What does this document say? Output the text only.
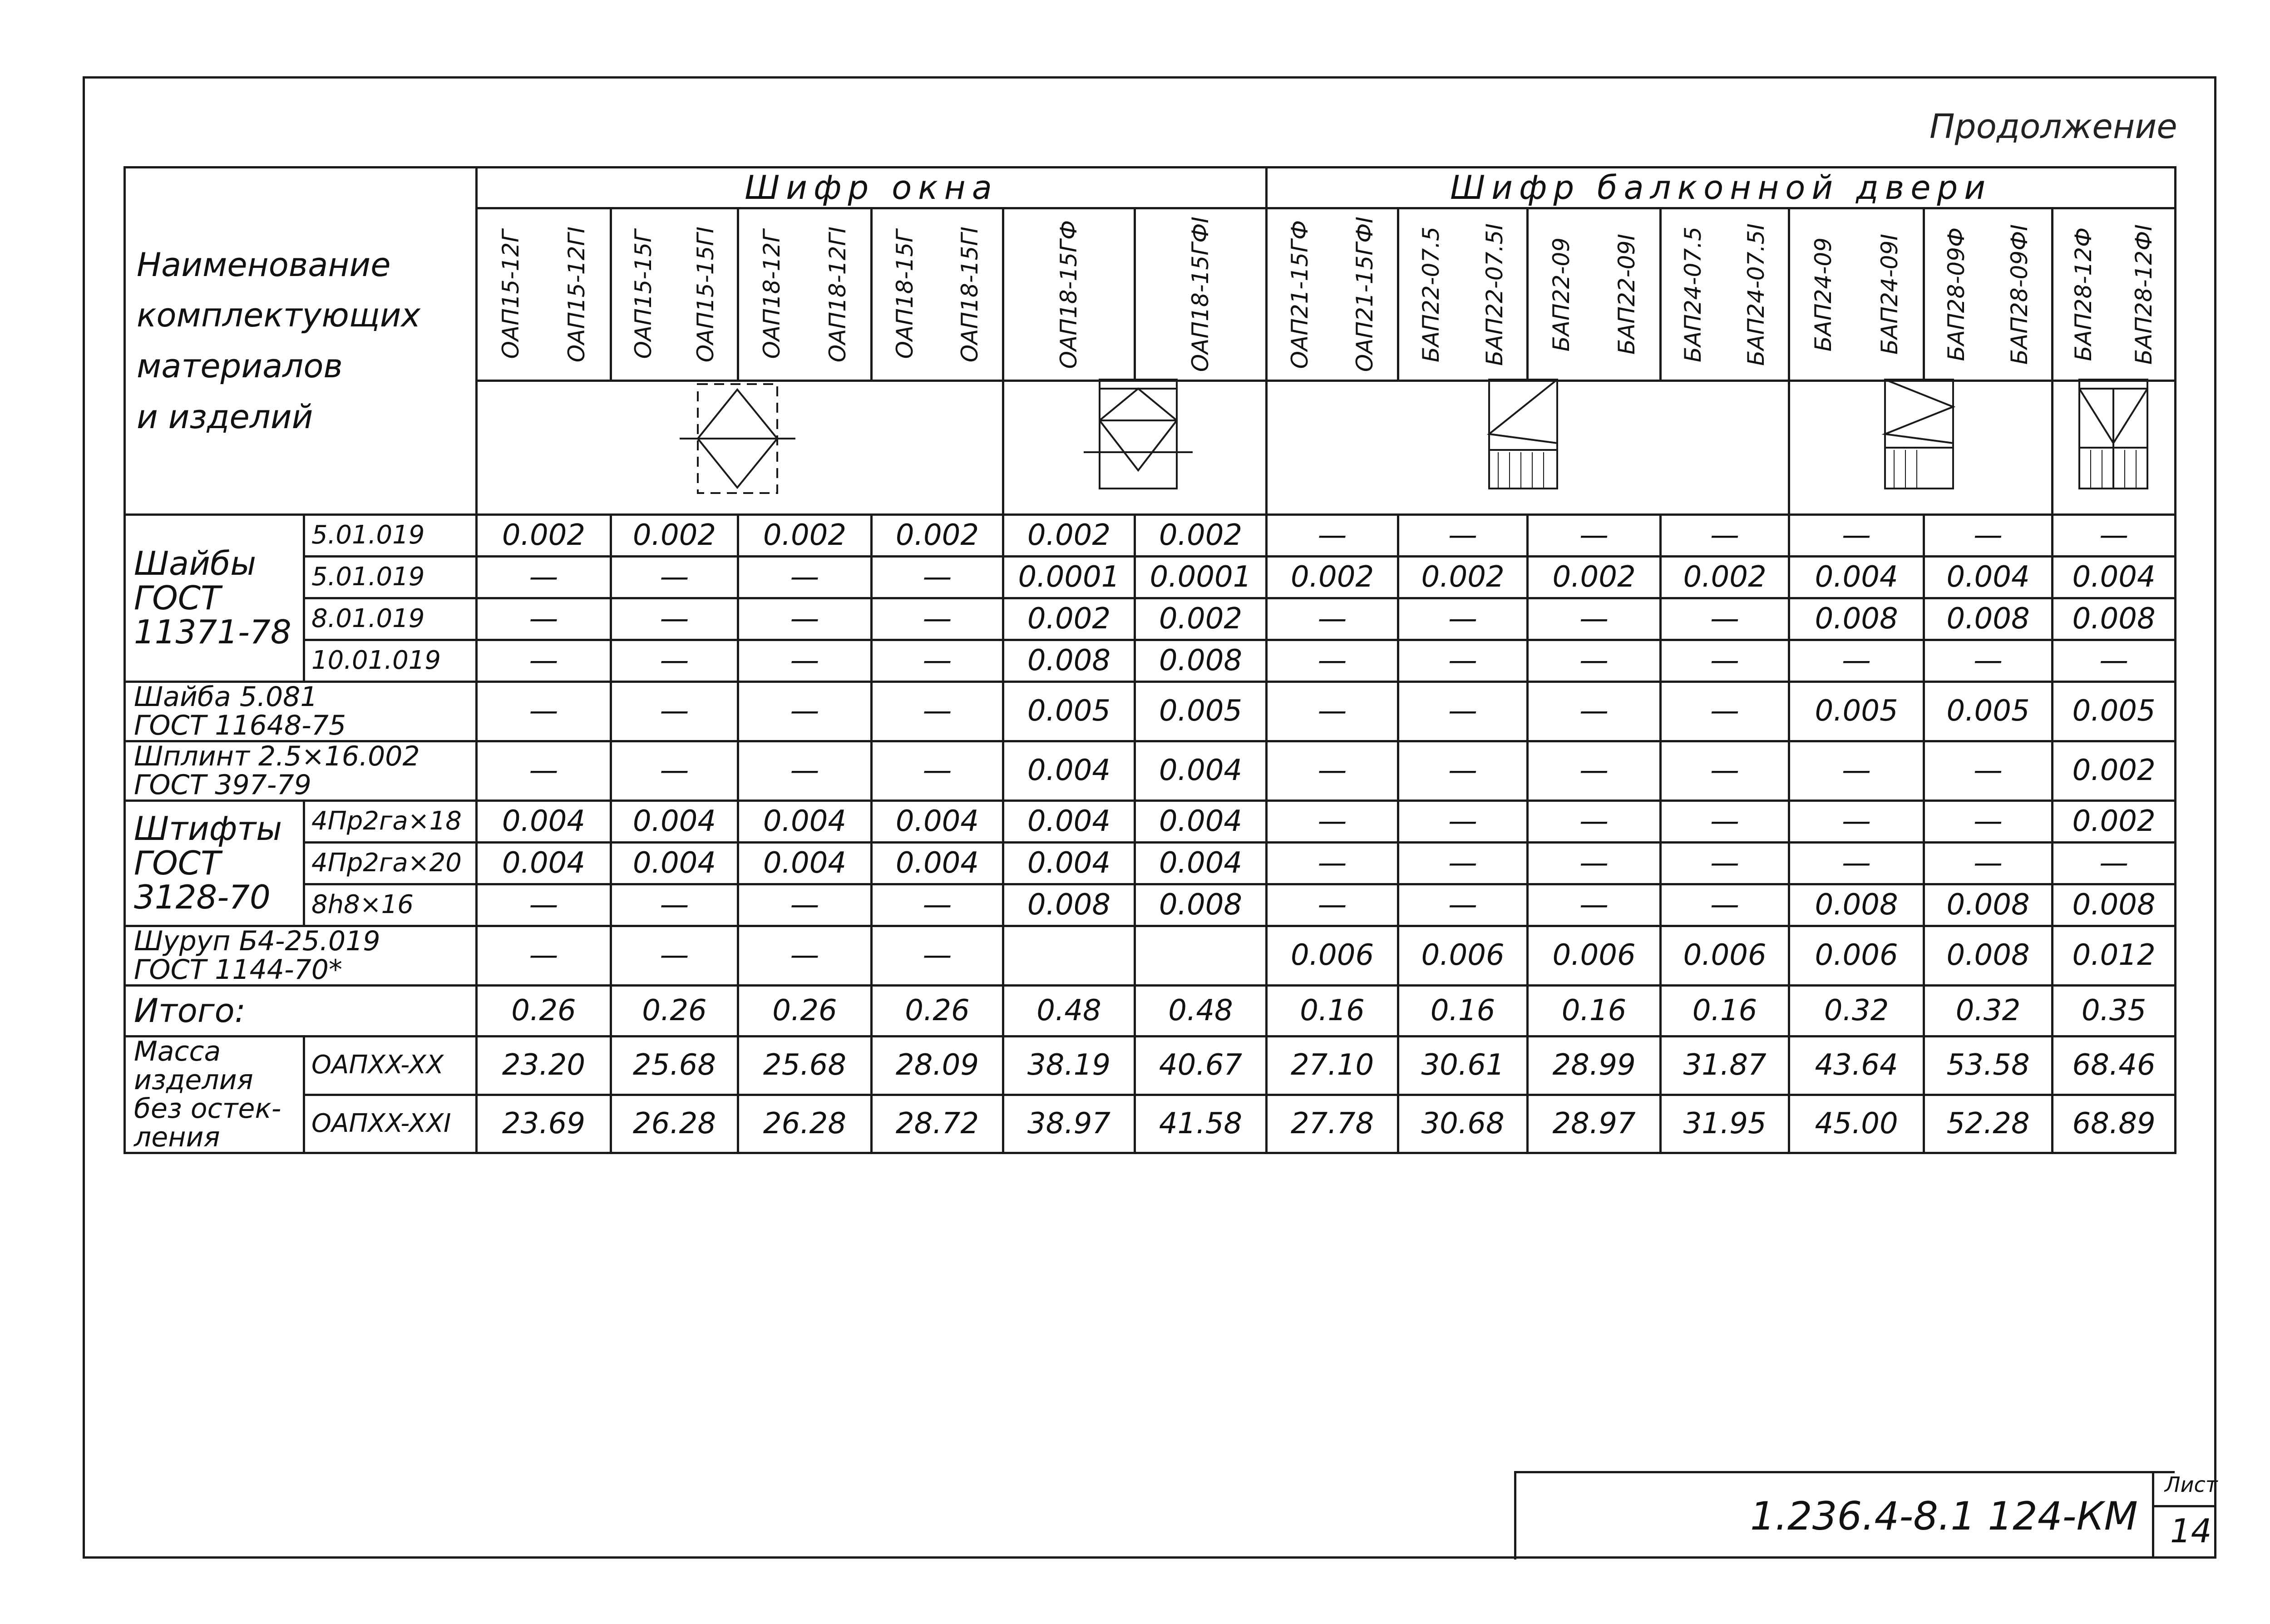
Продолжение
Наименование
комплектующих
материалов
и изделий		Шифр окна						Шифр балконной двери							

		ОАП15-12Г ОАП15-12ГI	ОАП15-15Г ОАП15-15ГI	ОАП18-12Г ОАП18-12ГI	ОАП18-15Г ОАП18-15ГI	ОАП18-15ГФ	ОАП18-15ГФI	ОАП21-15ГФ ОАП21-15ГФI	БАП22-07.5 БАП22-07.5I	БАП22-09 БАП22-09I	БАП24-07.5 БАП24-07.5I	БАП24-09 БАП24-09I	БАП28-09Ф БАП28-09ФI	БАП28-12Ф БАП28-12ФI

Шайбы
ГОСТ
11371-78	5.01.019	0.002	0.002	0.002	0.002	0.002	0.002	—	—	—	—	—	—	—	
	5.01.019	—	—	—	—	0.0001	0.0001	0.002	0.002	0.002	0.002	0.004	0.004	0.004	
	8.01.019	—	—	—	—	0.002	0.002	—	—	—	—	0.008	0.008	0.008	
	10.01.019	—	—	—	—	0.008	0.008	—	—	—	—	—	—	—	

Шайба 5.081
ГОСТ 11648-75		—	—	—	—	0.005	0.005	—	—	—	—	0.005	0.005	0.005	

Шплинт 2.5×16.002
ГОСТ 397-79		—	—	—	—	0.004	0.004	—	—	—	—	—	—	0.002	

Штифты
ГОСТ 3128-70	4Пр2га×18	0.004	0.004	0.004	0.004	0.004	0.004	—	—	—	—	—	—	0.002	
	4Пр2га×20	0.004	0.004	0.004	0.004	0.004	0.004	—	—	—	—	—	—	—	
	8h8×16	—	—	—	—	0.008	0.008	—	—	—	—	0.008	0.008	0.008	

Шуруп Б4-25.019
ГОСТ 1144-70*		—	—	—	—			0.006	0.006	0.006	0.006	0.006	0.008	0.012	
Итого:		0.26	0.26	0.26	0.26	0.48	0.48	0.16	0.16	0.16	0.16	0.32	0.32	0.35	

Масса
изделия
без остек-
ления	ОАПXX-XX	23.20	25.68	25.68	28.09	38.19	40.67	27.10	30.61	28.99	31.87	43.64	53.58	68.46	
	ОАПXX-XXI	23.69	26.28	26.28	28.72	38.97	41.58	27.78	30.68	28.97	31.95	45.00	52.28	68.89	
1.236.4-8.1 124-КМ
Лист
14
